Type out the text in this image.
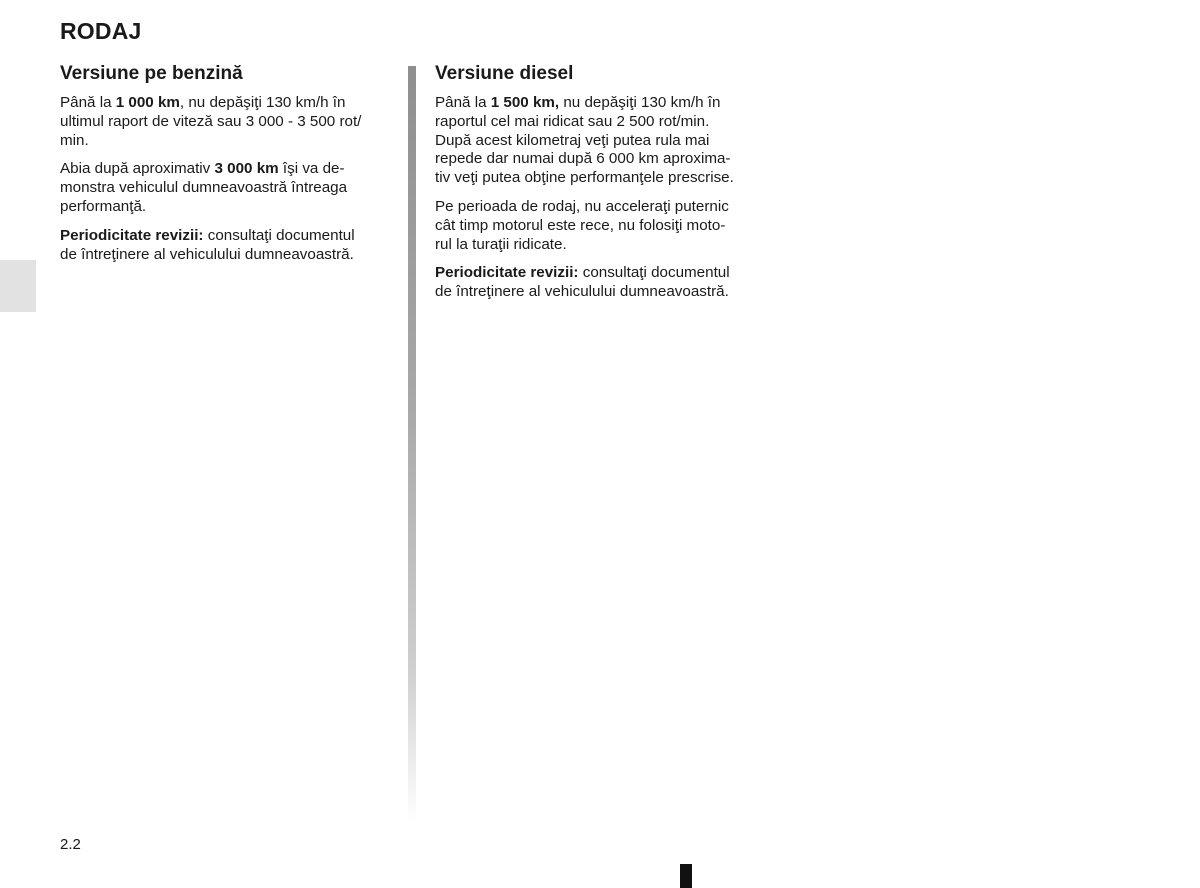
RODAJ
Versiune pe benzină

Până la 1 000 km, nu depăşiţi 130 km/h în
ultimul raport de viteză sau 3 000 - 3 500 rot/
min.

Abia după aproximativ 3 000 km îşi va de-
monstra vehiculul dumneavoastră întreaga
performanţă.

Periodicitate revizii: consultaţi documentul
de întreţinere al vehiculului dumneavoastră.

Versiune diesel

Până la 1 500 km, nu depăşiţi 130 km/h în
raportul cel mai ridicat sau 2 500 rot/min.
După acest kilometraj veţi putea rula mai
repede dar numai după 6 000 km aproxima-
tiv veţi putea obţine performanţele prescrise.

Pe perioada de rodaj, nu acceleraţi puternic
cât timp motorul este rece, nu folosiţi moto-
rul la turaţii ridicate.

Periodicitate revizii: consultaţi documentul
de întreţinere al vehiculului dumneavoastră.

2.2
